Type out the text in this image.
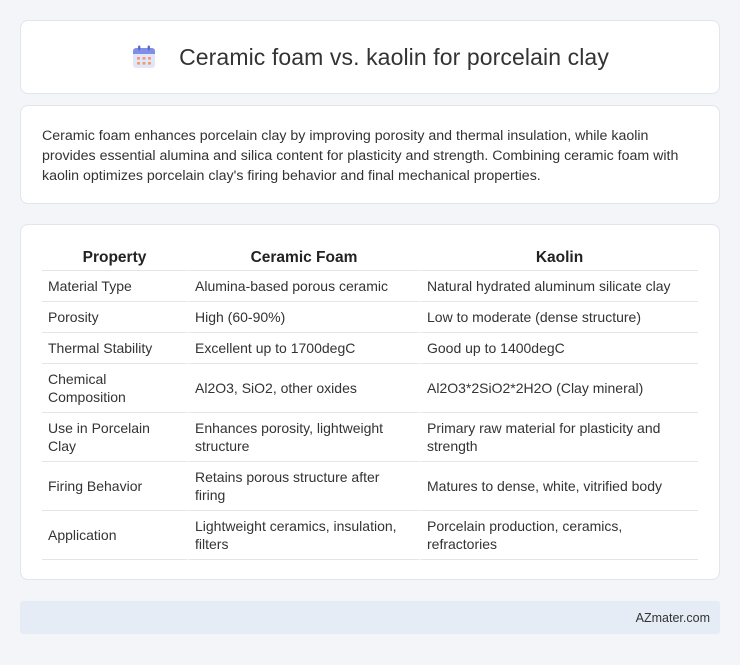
Ceramic foam vs. kaolin for porcelain clay

Ceramic foam enhances porcelain clay by improving porosity and thermal insulation, while kaolin provides essential alumina and silica content for plasticity and strength. Combining ceramic foam with kaolin optimizes porcelain clay's firing behavior and final mechanical properties.

Property	Ceramic Foam	Kaolin
Material Type	Alumina-based porous ceramic	Natural hydrated aluminum silicate clay
Porosity	High (60-90%)	Low to moderate (dense structure)
Thermal Stability	Excellent up to 1700degC	Good up to 1400degC
Chemical Composition	Al2O3, SiO2, other oxides	Al2O3*2SiO2*2H2O (Clay mineral)
Use in Porcelain Clay	Enhances porosity, lightweight structure	Primary raw material for plasticity and strength
Firing Behavior	Retains porous structure after firing	Matures to dense, white, vitrified body
Application	Lightweight ceramics, insulation, filters	Porcelain production, ceramics, refractories
AZmater.com
